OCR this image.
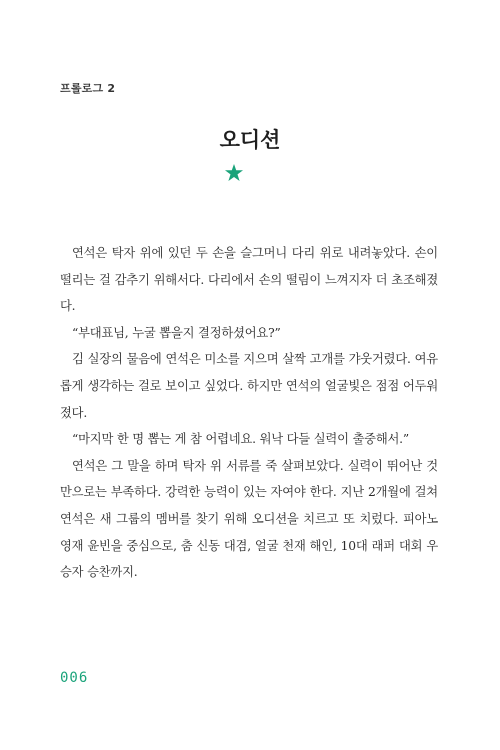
프롤로그 2
오디션

연석은 탁자 위에 있던 두 손을 슬그머니 다리 위로 내려놓았다. 손이 떨리는 걸 감추기 위해서다. 다리에서 손의 떨림이 느껴지자 더 초조해졌다.

“부대표님, 누굴 뽑을지 결정하셨어요?”

김 실장의 물음에 연석은 미소를 지으며 살짝 고개를 갸웃거렸다. 여유롭게 생각하는 걸로 보이고 싶었다. 하지만 연석의 얼굴빛은 점점 어두워졌다.

“마지막 한 명 뽑는 게 참 어렵네요. 워낙 다들 실력이 출중해서.”

연석은 그 말을 하며 탁자 위 서류를 죽 살펴보았다. 실력이 뛰어난 것만으로는 부족하다. 강력한 능력이 있는 자여야 한다. 지난 2개월에 걸쳐 연석은 새 그룹의 멤버를 찾기 위해 오디션을 치르고 또 치렀다. 피아노 영재 윤빈을 중심으로, 춤 신동 대겸, 얼굴 천재 해인, 10대 래퍼 대회 우승자 승찬까지.

006
